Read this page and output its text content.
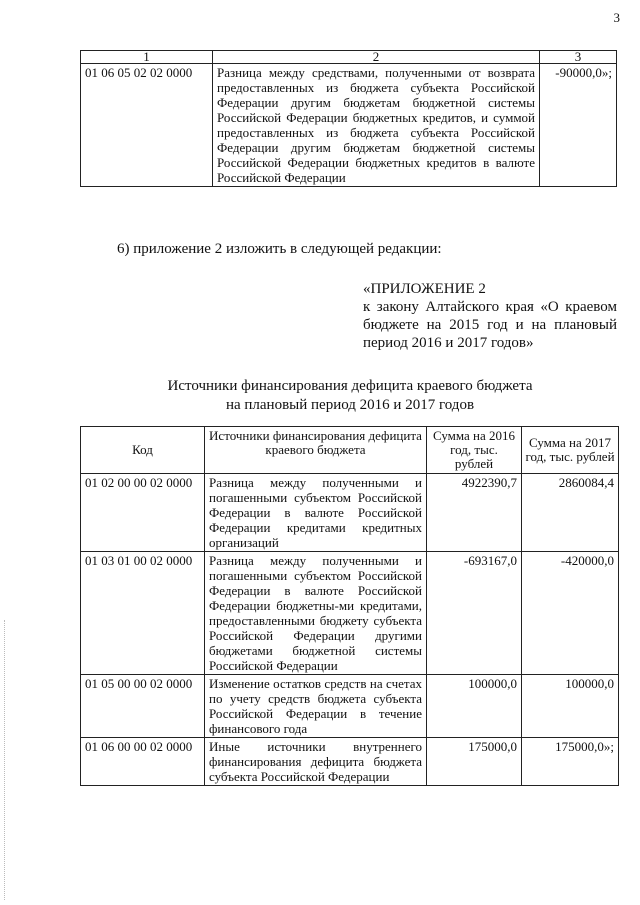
3
1	2	3
01 06 05 02 02 0000	Разница между средствами, полученными от возврата предоставленных из бюджета субъекта Российской Федерации другим бюджетам бюджетной системы Российской Федерации бюджетных кредитов, и суммой предоставленных из бюджета субъекта Российской Федерации другим бюджетам бюджетной системы Российской Федерации бюджетных кредитов в валюте Российской Федерации	-90000,0»;
6) приложение 2 изложить в следующей редакции:
«ПРИЛОЖЕНИЕ 2
к закону Алтайского края «О краевом бюджете на 2015 год и на плановый период 2016 и 2017 годов»
Источники финансирования дефицита краевого бюджета
на плановый период 2016 и 2017 годов
Код	Источники финансирования дефицита краевого бюджета	Сумма на 2016 год, тыс. рублей	Сумма на 2017 год, тыс. рублей
01 02 00 00 02 0000	Разница между полученными и погашенными субъектом Российской Федерации в валюте Российской Федерации кредитами кредитных организаций	4922390,7	2860084,4
01 03 01 00 02 0000	Разница между полученными и погашенными субъектом Российской Федерации в валюте Российской Федерации бюджетны-ми кредитами, предоставленными бюджету субъекта Российской Федерации другими бюджетами бюджетной системы Российской Федерации	-693167,0	-420000,0
01 05 00 00 02 0000	Изменение остатков средств на счетах по учету средств бюджета субъекта Российской Федерации в течение финансового года	100000,0	100000,0
01 06 00 00 02 0000	Иные источники внутреннего финансирования дефицита бюджета субъекта Российской Федерации	175000,0	175000,0»;
